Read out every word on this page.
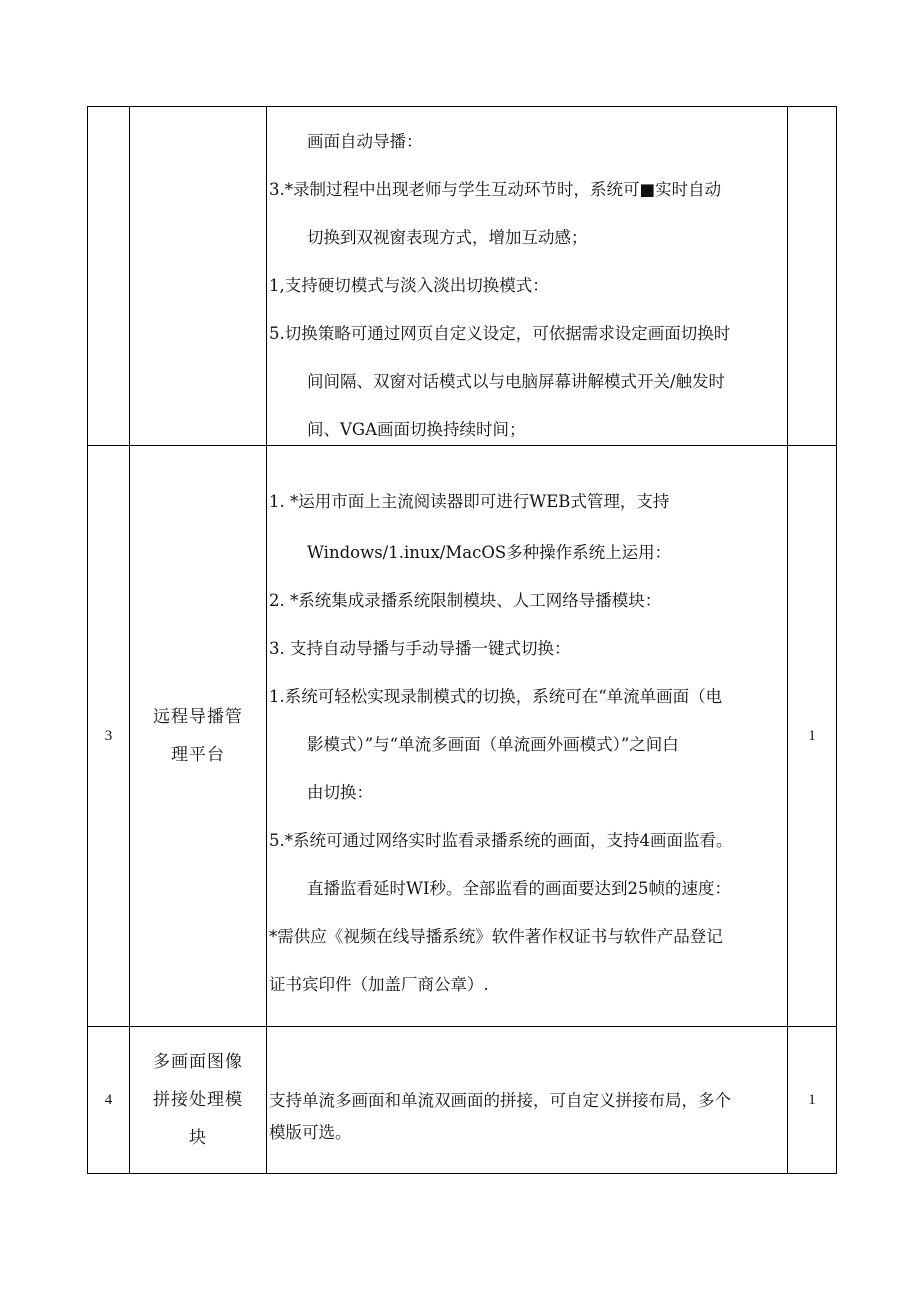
画面自动导播：
3.*录制过程中出现老师与学生互动环节时，系统可■实时自动
切换到双视窗表现方式，增加互动感；
1,支持硬切模式与淡入淡出切换模式：
5.切换策略可通过网页自定义设定，可依据需求设定画面切换时
间间隔、双窗对话模式以与电脑屏幕讲解模式开关/触发时
间、VGA画面切换持续时间；
3
远程导播管
理平台
1. *运用市面上主流阅读器即可进行WEB式管理，支持
Windows/1.inux/MacOS多种操作系统上运用：
2. *系统集成录播系统限制模块、人工网络导播模块：
3. 支持自动导播与手动导播一键式切换：
1.系统可轻松实现录制模式的切换，系统可在“单流单画面（电
影模式）”与“单流多画面（单流画外画模式）”之间白
由切换：
5.*系统可通过网络实时监看录播系统的画面，支持4画面监看。
直播监看延时WI秒。全部监看的画面要达到25帧的速度：
*需供应《视频在线导播系统》软件著作权证书与软件产品登记
证书宾印件（加盖厂商公章）.
1
4
多画面图像
拼接处理模
块
支持单流多画面和单流双画面的拼接，可自定义拼接布局，多个
模版可选。
1
